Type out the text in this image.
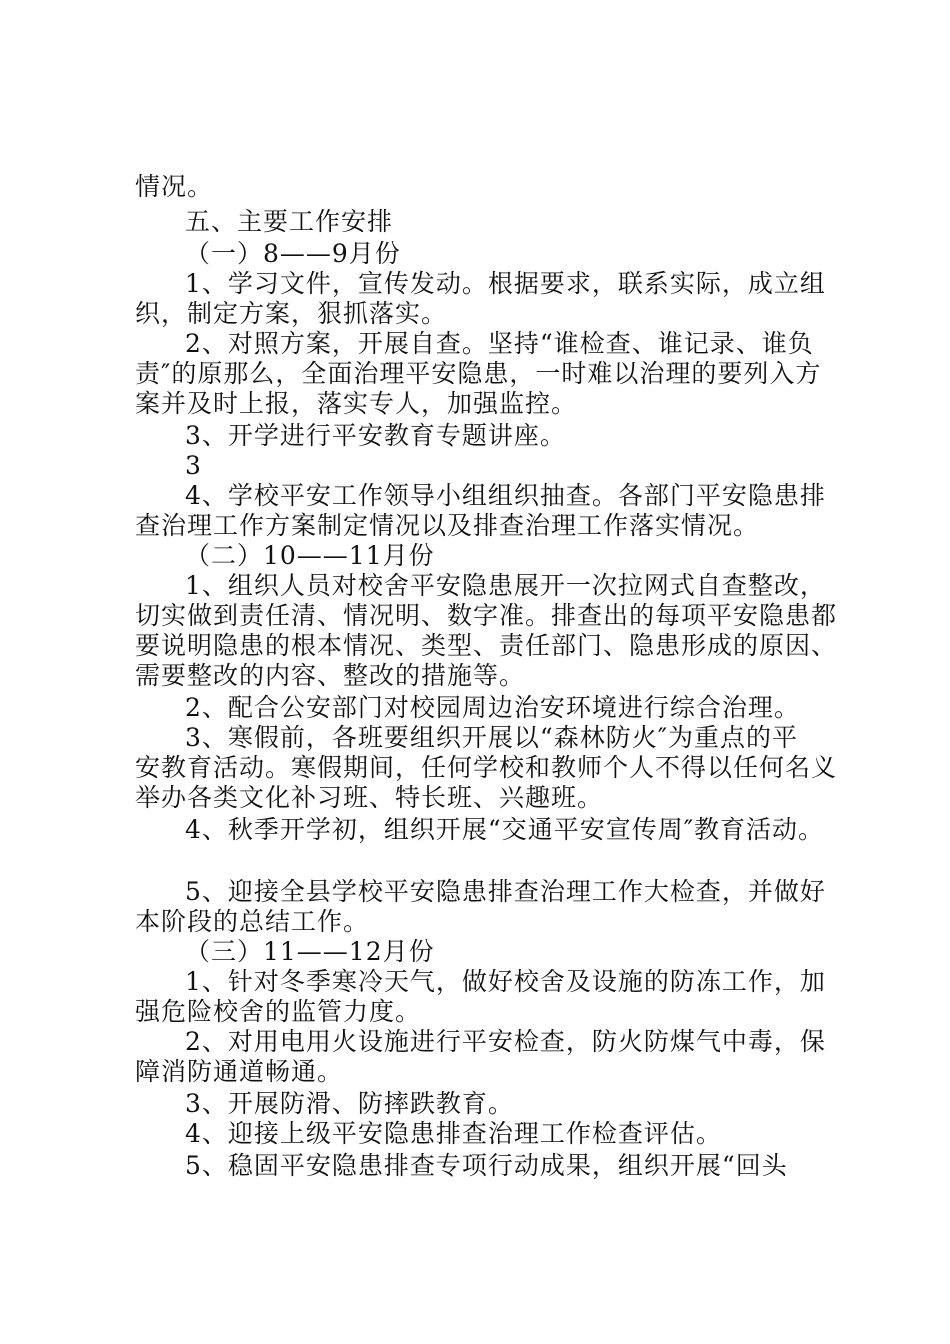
情况。
五、主要工作安排
（一）8——9月份
1、学习文件，宣传发动。根据要求，联系实际，成立组
织，制定方案，狠抓落实。
2、对照方案，开展自查。坚持“谁检查、谁记录、谁负
责″的原那么，全面治理平安隐患，一时难以治理的要列入方
案并及时上报，落实专人，加强监控。
3、开学进行平安教育专题讲座。
3
4、学校平安工作领导小组组织抽查。各部门平安隐患排
查治理工作方案制定情况以及排查治理工作落实情况。
（二）10——11月份
1、组织人员对校舍平安隐患展开一次拉网式自查整改，
切实做到责任清、情况明、数字准。排查出的每项平安隐患都
要说明隐患的根本情况、类型、责任部门、隐患形成的原因、
需要整改的内容、整改的措施等。
2、配合公安部门对校园周边治安环境进行综合治理。
3、寒假前，各班要组织开展以“森林防火″为重点的平
安教育活动。寒假期间，任何学校和教师个人不得以任何名义
举办各类文化补习班、特长班、兴趣班。
4、秋季开学初，组织开展“交通平安宣传周″教育活动。
5、迎接全县学校平安隐患排查治理工作大检查，并做好
本阶段的总结工作。
（三）11——12月份
1、针对冬季寒冷天气，做好校舍及设施的防冻工作，加
强危险校舍的监管力度。
2、对用电用火设施进行平安检查，防火防煤气中毒，保
障消防通道畅通。
3、开展防滑、防摔跌教育。
4、迎接上级平安隐患排查治理工作检查评估。
5、稳固平安隐患排查专项行动成果，组织开展“回头
